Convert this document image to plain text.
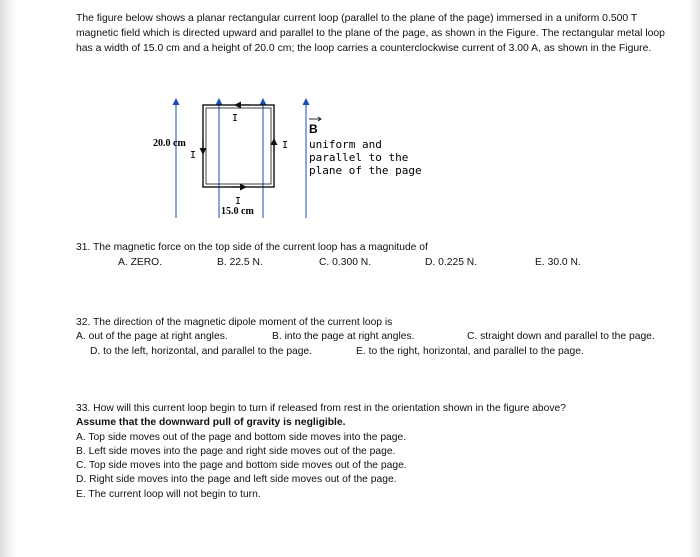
The figure below shows a planar rectangular current loop (parallel to the plane of the page) immersed in a uniform 0.500 T magnetic field which is directed upward and parallel to the plane of the page, as shown in the Figure. The rectangular metal loop has a width of 15.0 cm and a height of 20.0 cm; the loop carries a counterclockwise current of 3.00 A, as shown in the Figure.

I
I
I
I
20.0 cm
15.0 cm
B
uniform and
parallel to the
plane of the page
31. The magnetic force on the top side of the current loop has a magnitude of
A. ZERO.	B. 22.5 N.	C. 0.300 N.	D. 0.225 N.	E. 30.0 N.
32. The direction of the magnetic dipole moment of the current loop is
A. out of the page at right angles.	B. into the page at right angles.	C. straight down and parallel to the page.
D. to the left, horizontal, and parallel to the page.	E. to the right, horizontal, and parallel to the page.
33. How will this current loop begin to turn if released from rest in the orientation shown in the figure above?
Assume that the downward pull of gravity is negligible.
A. Top side moves out of the page and bottom side moves into the page.
B. Left side moves into the page and right side moves out of the page.
C. Top side moves into the page and bottom side moves out of the page.
D. Right side moves into the page and left side moves out of the page.
E. The current loop will not begin to turn.
